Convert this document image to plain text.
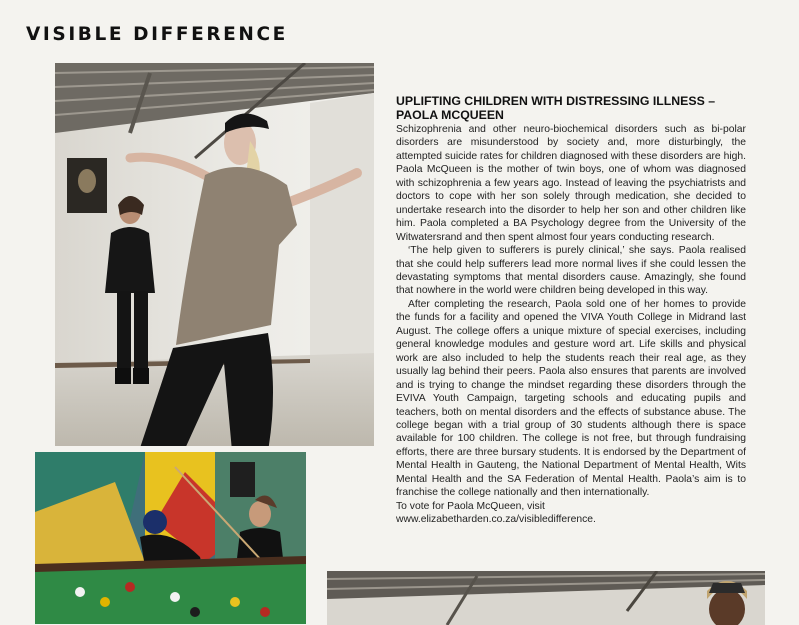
VISIBLE DIFFERENCE
UPLIFTING CHILDREN WITH DISTRESSING ILLNESS –
PAOLA MCQUEEN

Schizophrenia and other neuro-biochemical disorders such as bi-polar disorders are misunderstood by society and, more disturbingly, the attempted suicide rates for children diagnosed with these disorders are high. Paola McQueen is the mother of twin boys, one of whom was diagnosed with schizophrenia a few years ago. Instead of leaving the psychiatrists and doctors to cope with her son solely through medication, she decided to undertake research into the disorder to help her son and other children like him. Paola completed a BA Psychology degree from the University of the Witwatersrand and then spent almost four years conducting research.

‘The help given to sufferers is purely clinical,’ she says. Paola realised that she could help sufferers lead more normal lives if she could lessen the devastating symptoms that mental disorders cause. Amazingly, she found that nowhere in the world were children being developed in this way.

After completing the research, Paola sold one of her homes to provide the funds for a facility and opened the VIVA Youth College in Midrand last August. The college offers a unique mixture of special exercises, including general knowledge modules and gesture word art. Life skills and physical work are also included to help the students reach their real age, as they usually lag behind their peers. Paola also ensures that parents are involved and is trying to change the mindset regarding these disorders through the EVIVA Youth Campaign, targeting schools and educating pupils and teachers, both on mental disorders and the effects of substance abuse. The college began with a trial group of 30 students although there is space available for 100 children. The college is not free, but through fundraising efforts, there are three bursary students. It is endorsed by the Department of Mental Health in Gauteng, the National Department of Mental Health, Wits Mental Health and the SA Federation of Mental Health. Paola’s aim is to franchise the college nationally and then internationally.

To vote for Paola McQueen, visit
www.elizabetharden.co.za/visibledifference.
